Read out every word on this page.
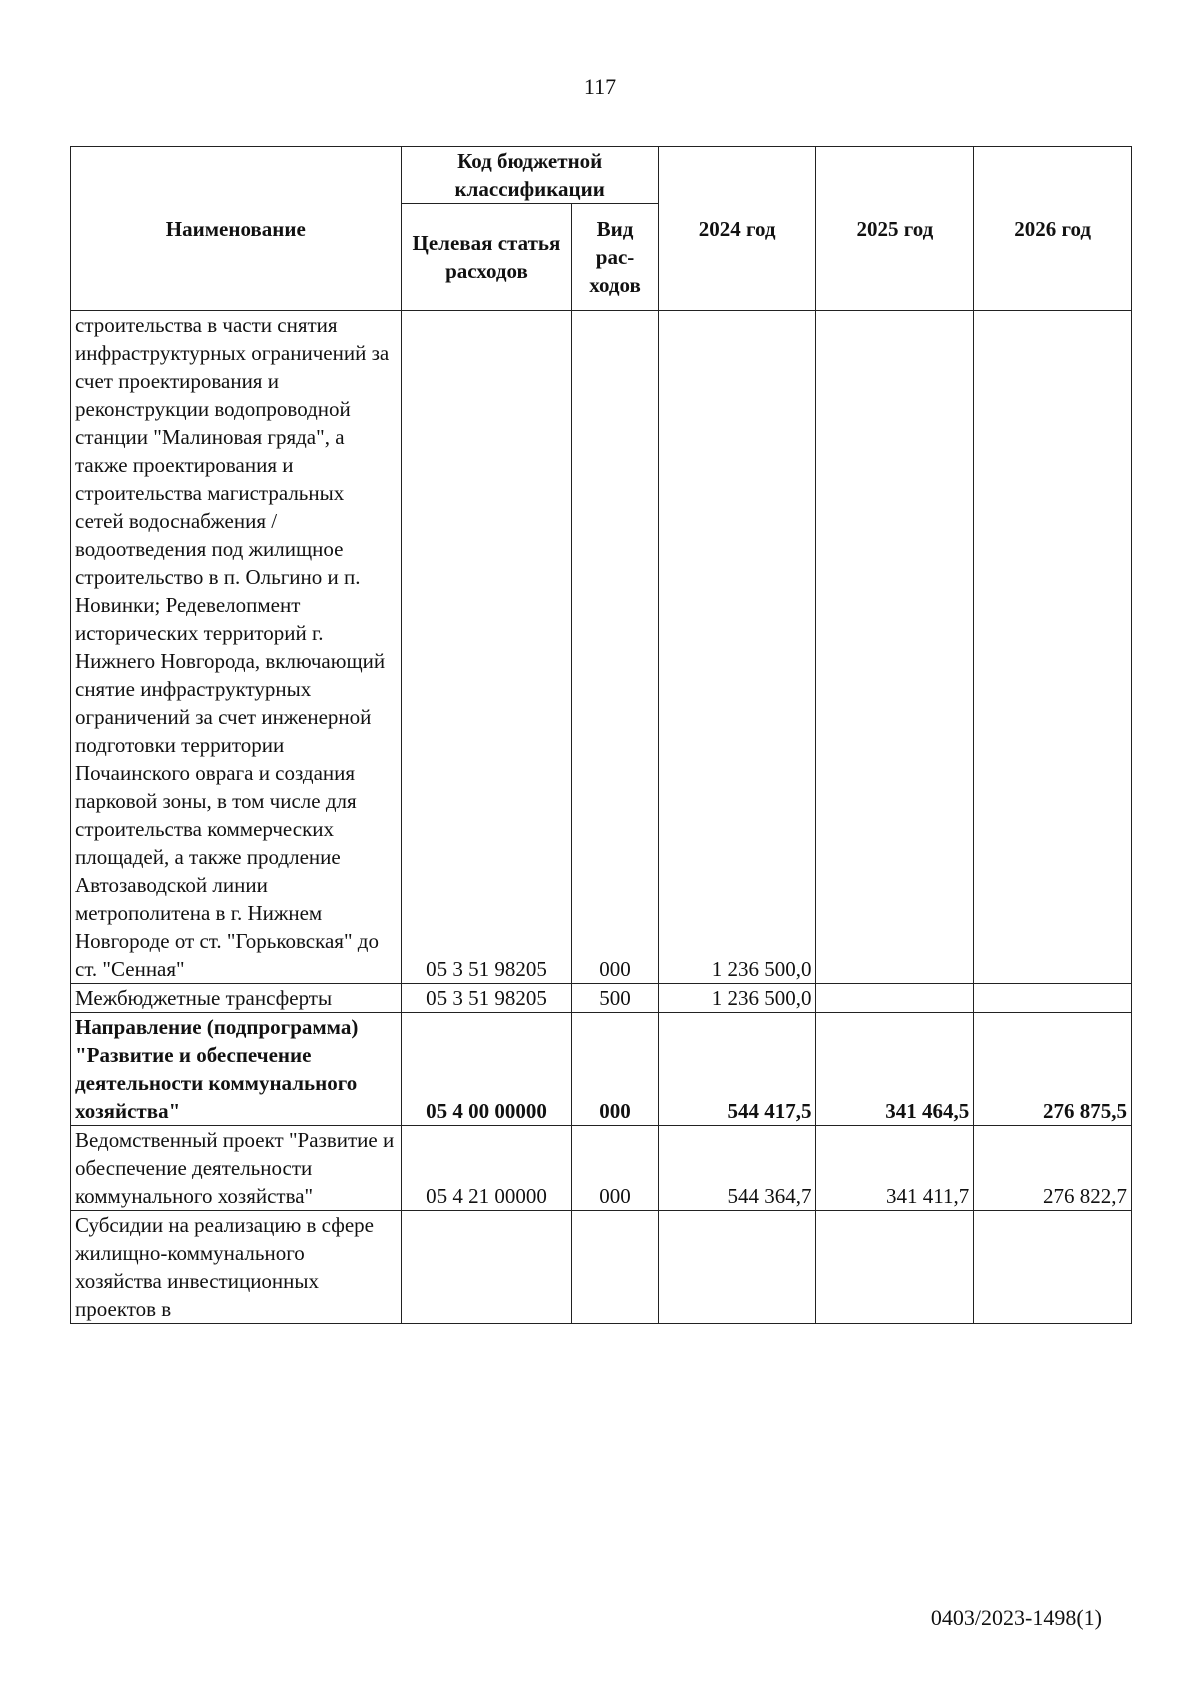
117
Наименование	Код бюджетной классификации		2024 год	2025 год	2026 год
	Целевая статья расходов	Вид рас-ходов			
строительства в части снятия инфраструктурных ограничений за счет проектирования и реконструкции водопроводной станции "Малиновая гряда", а также проектирования и строительства магистральных сетей водоснабжения / водоотведения под жилищное строительство в п. Ольгино и п. Новинки; Редевелопмент исторических территорий г. Нижнего Новгорода, включающий снятие инфраструктурных ограничений за счет инженерной подготовки территории Почаинского оврага и создания парковой зоны, в том числе для строительства коммерческих площадей, а также продление Автозаводской линии метрополитена в г. Нижнем Новгороде от ст. "Горьковская" до ст. "Сенная"	05 3 51 98205	000	1 236 500,0		
Межбюджетные трансферты	05 3 51 98205	500	1 236 500,0		
Направление (подпрограмма) "Развитие и обеспечение деятельности коммунального хозяйства"	05 4 00 00000	000	544 417,5	341 464,5	276 875,5
Ведомственный проект "Развитие и обеспечение деятельности коммунального хозяйства"	05 4 21 00000	000	544 364,7	341 411,7	276 822,7
Субсидии на реализацию в сфере жилищно-коммунального хозяйства инвестиционных проектов в					
0403/2023-1498(1)
